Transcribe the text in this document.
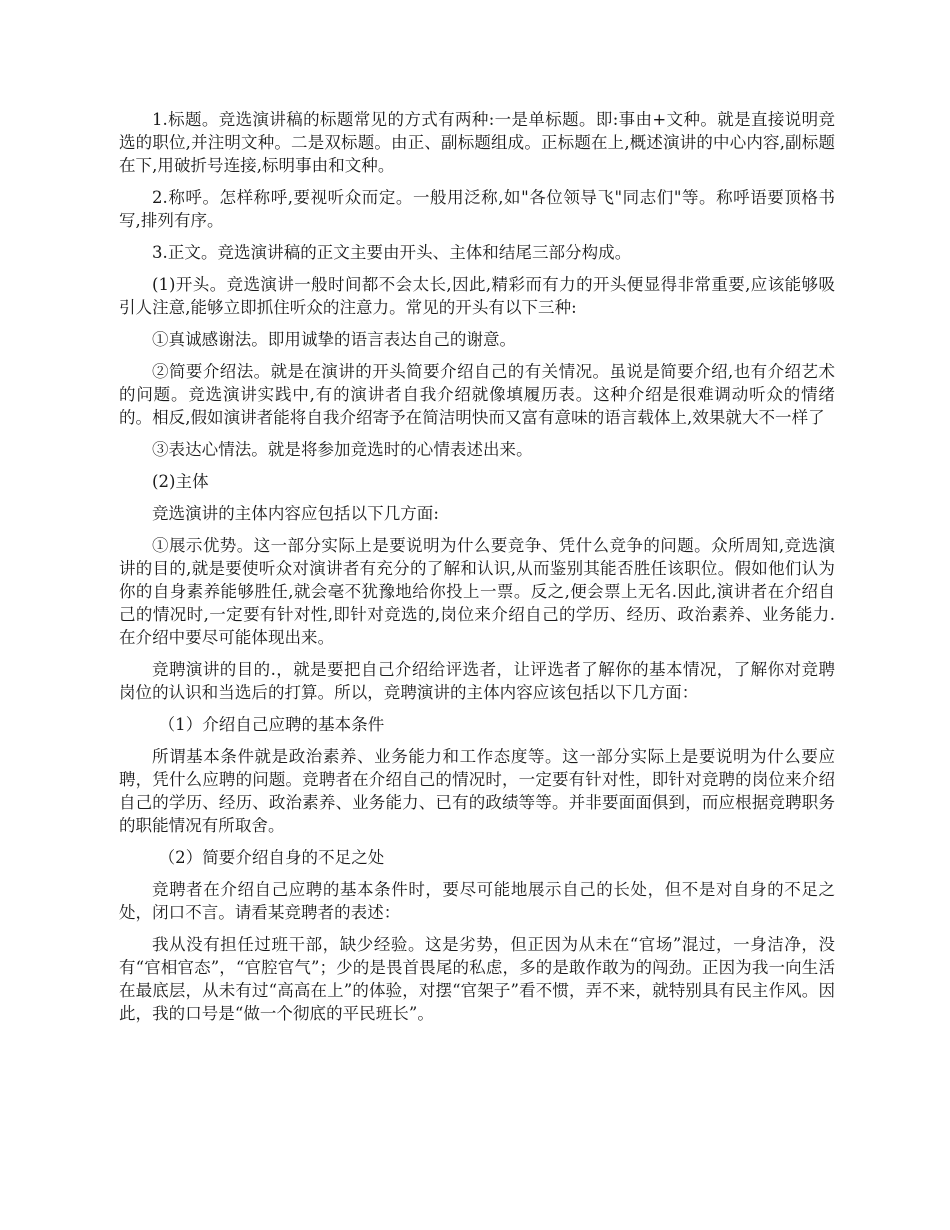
1.标题。竞选演讲稿的标题常见的方式有两种:一是单标题。即:事由+文种。就是直接说明竞选的职位,并注明文种。二是双标题。由正、副标题组成。正标题在上,概述演讲的中心内容,副标题在下,用破折号连接,标明事由和文种。

2.称呼。怎样称呼,要视听众而定。一般用泛称,如"各位领导飞"同志们"等。称呼语要顶格书写,排列有序。

3.正文。竞选演讲稿的正文主要由开头、主体和结尾三部分构成。

(1)开头。竞选演讲一般时间都不会太长,因此,精彩而有力的开头便显得非常重要,应该能够吸引人注意,能够立即抓住听众的注意力。常见的开头有以下三种:

①真诚感谢法。即用诚挚的语言表达自己的谢意。

②简要介绍法。就是在演讲的开头简要介绍自己的有关情况。虽说是简要介绍,也有介绍艺术的问题。竞选演讲实践中,有的演讲者自我介绍就像填履历表。这种介绍是很难调动听众的情绪的。相反,假如演讲者能将自我介绍寄予在简洁明快而又富有意味的语言载体上,效果就大不一样了

③表达心情法。就是将参加竞选时的心情表述出来。

(2)主体

竞选演讲的主体内容应包括以下几方面:

①展示优势。这一部分实际上是要说明为什么要竞争、凭什么竞争的问题。众所周知,竞选演讲的目的,就是要使听众对演讲者有充分的了解和认识,从而鉴别其能否胜任该职位。假如他们认为你的自身素养能够胜任,就会毫不犹豫地给你投上一票。反之,便会票上无名.因此,演讲者在介绍自己的情况时,一定要有针对性,即针对竞选的,岗位来介绍自己的学历、经历、政治素养、业务能力.在介绍中要尽可能体现出来。

竞聘演讲的目的.，就是要把自己介绍给评选者，让评选者了解你的基本情况，了解你对竞聘岗位的认识和当选后的打算。所以，竞聘演讲的主体内容应该包括以下几方面：

（1）介绍自己应聘的基本条件

所谓基本条件就是政治素养、业务能力和工作态度等。这一部分实际上是要说明为什么要应聘，凭什么应聘的问题。竞聘者在介绍自己的情况时，一定要有针对性，即针对竞聘的岗位来介绍自己的学历、经历、政治素养、业务能力、已有的政绩等等。并非要面面俱到，而应根据竞聘职务的职能情况有所取舍。

（2）简要介绍自身的不足之处

竞聘者在介绍自己应聘的基本条件时，要尽可能地展示自己的长处，但不是对自身的不足之处，闭口不言。请看某竞聘者的表述：

我从没有担任过班干部，缺少经验。这是劣势，但正因为从未在“官场”混过，一身洁净，没有“官相官态”，“官腔官气”；少的是畏首畏尾的私虑，多的是敢作敢为的闯劲。正因为我一向生活在最底层，从未有过“高高在上”的体验，对摆“官架子”看不惯，弄不来，就特别具有民主作风。因此，我的口号是“做一个彻底的平民班长”。
